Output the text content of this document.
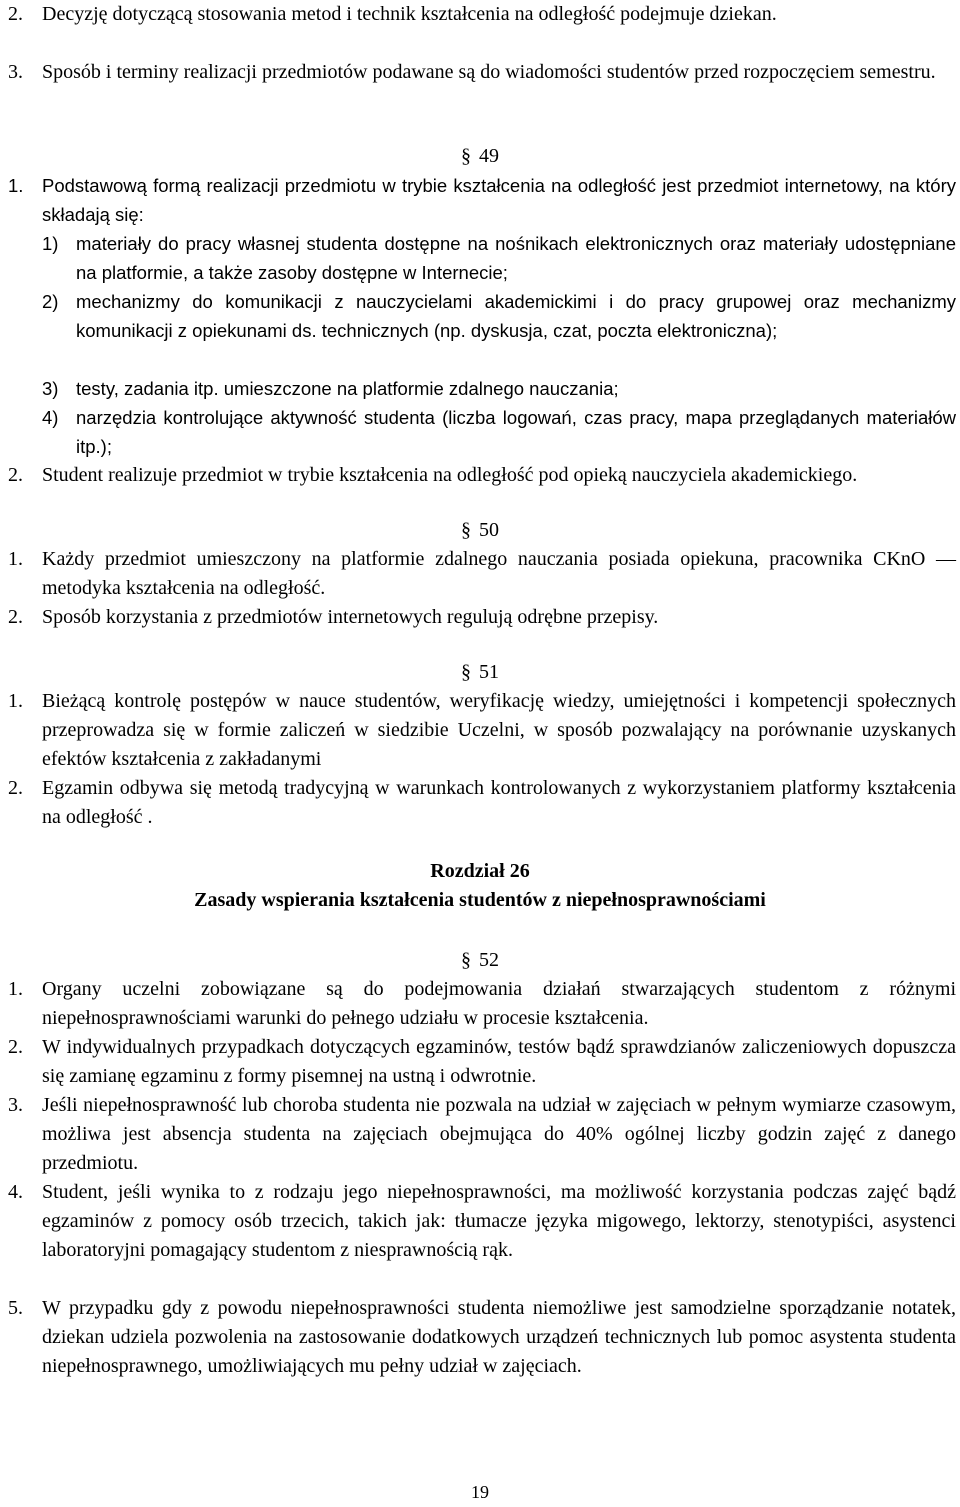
2. Decyzję dotyczącą stosowania metod i technik kształcenia na odległość podejmuje dziekan.
3. Sposób i terminy realizacji przedmiotów podawane są do wiadomości studentów przed rozpoczęciem semestru.
§ 49
1. Podstawową formą realizacji przedmiotu w trybie kształcenia na odległość jest przedmiot internetowy, na który składają się:
1) materiały do pracy własnej studenta dostępne na nośnikach elektronicznych oraz materiały udostępniane na platformie, a także zasoby dostępne w Internecie;
2) mechanizmy do komunikacji z nauczycielami akademickimi i do pracy grupowej oraz mechanizmy komunikacji z opiekunami ds. technicznych (np. dyskusja, czat, poczta elektroniczna);
3) testy, zadania itp. umieszczone na platformie zdalnego nauczania;
4) narzędzia kontrolujące aktywność studenta (liczba logowań, czas pracy, mapa przeglądanych materiałów itp.);
2. Student realizuje przedmiot w trybie kształcenia na odległość pod opieką nauczyciela akademickiego.
§ 50
1. Każdy przedmiot umieszczony na platformie zdalnego nauczania posiada opiekuna, pracownika CKnO — metodyka kształcenia na odległość.
2. Sposób korzystania z przedmiotów internetowych regulują odrębne przepisy.
§ 51
1. Bieżącą kontrolę postępów w nauce studentów, weryfikację wiedzy, umiejętności i kompetencji społecznych przeprowadza się w formie zaliczeń w siedzibie Uczelni, w sposób pozwalający na porównanie uzyskanych efektów kształcenia z zakładanymi
2. Egzamin odbywa się metodą tradycyjną w warunkach kontrolowanych z wykorzystaniem platformy kształcenia na odległość .
Rozdział 26
Zasady wspierania kształcenia studentów z niepełnosprawnościami
§ 52
1. Organy uczelni zobowiązane są do podejmowania działań stwarzających studentom z różnymi niepełnosprawnościami warunki do pełnego udziału w procesie kształcenia.
2. W indywidualnych przypadkach dotyczących egzaminów, testów bądź sprawdzianów zaliczeniowych dopuszcza się zamianę egzaminu z formy pisemnej na ustną i odwrotnie.
3. Jeśli niepełnosprawność lub choroba studenta nie pozwala na udział w zajęciach w pełnym wymiarze czasowym, możliwa jest absencja studenta na zajęciach obejmująca do 40% ogólnej liczby godzin zajęć z danego przedmiotu.
4. Student, jeśli wynika to z rodzaju jego niepełnosprawności, ma możliwość korzystania podczas zajęć bądź egzaminów z pomocy osób trzecich, takich jak: tłumacze języka migowego, lektorzy, stenotypiści, asystenci laboratoryjni pomagający studentom z niesprawnością rąk.
5. W przypadku gdy z powodu niepełnosprawności studenta niemożliwe jest samodzielne sporządzanie notatek, dziekan udziela pozwolenia na zastosowanie dodatkowych urządzeń technicznych lub pomoc asystenta studenta niepełnosprawnego, umożliwiających mu pełny udział w zajęciach.
19
